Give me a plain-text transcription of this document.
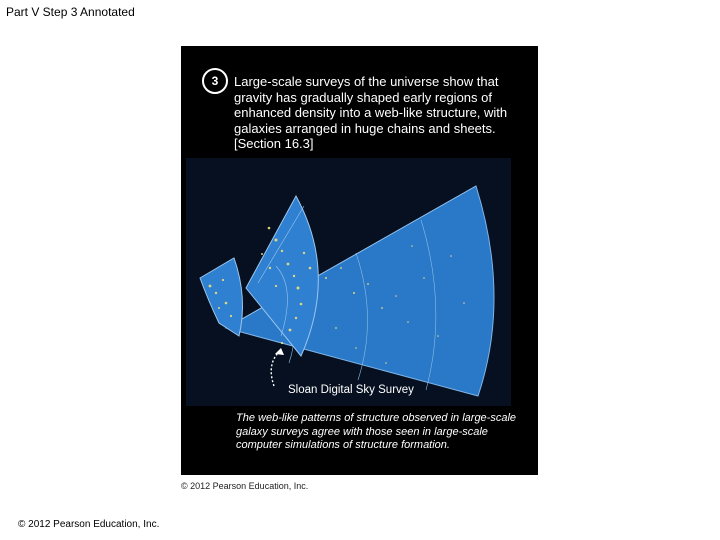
Part V Step 3 Annotated
3	Large-scale surveys of the universe show that gravity has gradually shaped early regions of enhanced density into a web-like structure, with galaxies arranged in huge chains and sheets. [Section 16.3]
Sloan Digital Sky Survey
The web-like patterns of structure observed in large-scale galaxy surveys agree with those seen in large-scale computer simulations of structure formation.
© 2012 Pearson Education, Inc.
© 2012 Pearson Education, Inc.
